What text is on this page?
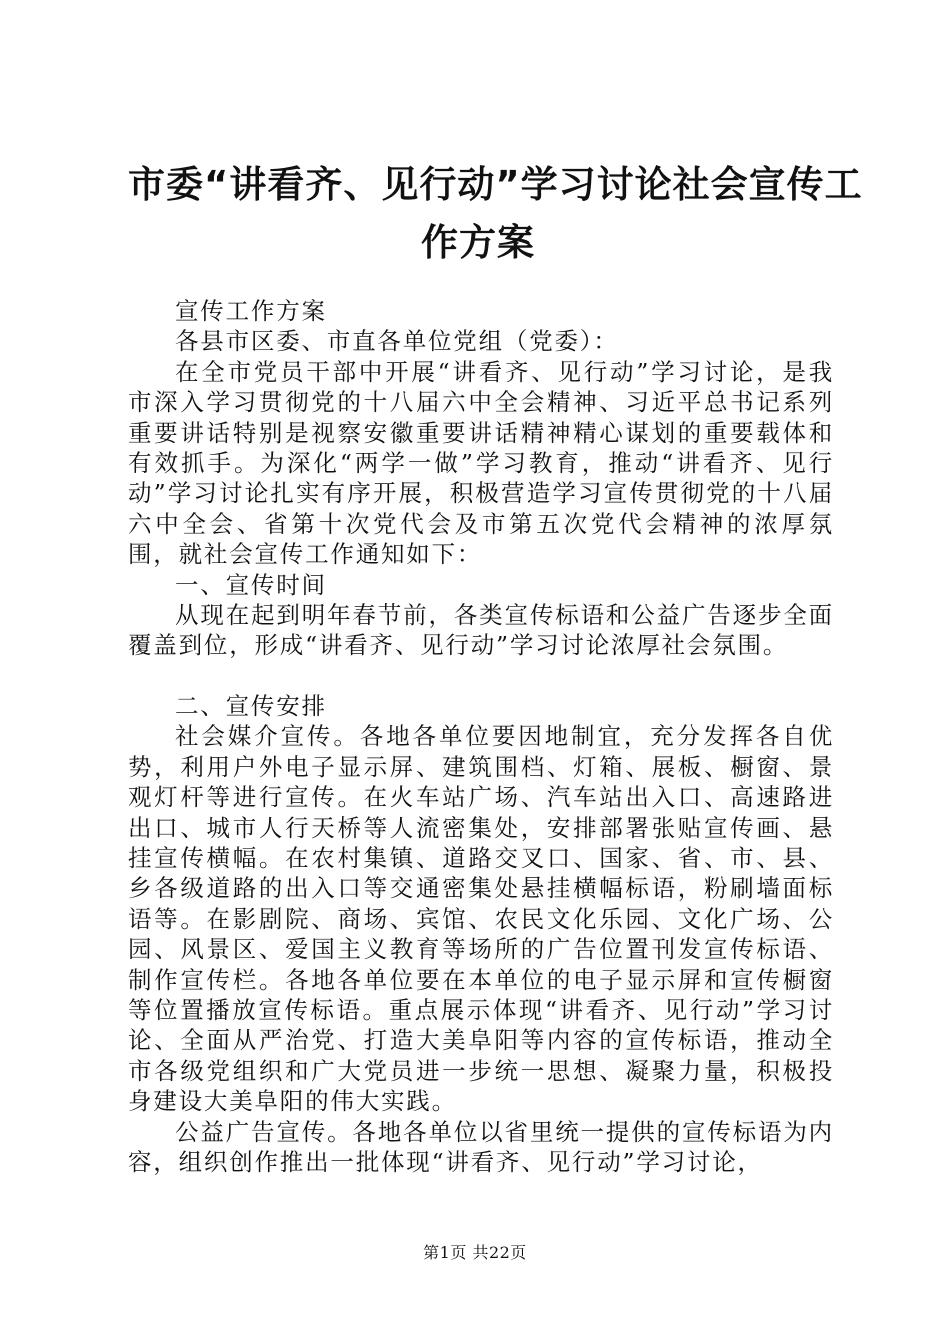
市委“讲看齐、见行动”学习讨论社会宣传工
作方案

宣传工作方案

各县市区委、市直各单位党组（党委）：

在全市党员干部中开展“讲看齐、见行动”学习讨论，是我市深入学习贯彻党的十八届六中全会精神、习近平总书记系列重要讲话特别是视察安徽重要讲话精神精心谋划的重要载体和有效抓手。为深化“两学一做”学习教育，推动“讲看齐、见行动”学习讨论扎实有序开展，积极营造学习宣传贯彻党的十八届六中全会、省第十次党代会及市第五次党代会精神的浓厚氛围，就社会宣传工作通知如下：

一、宣传时间

从现在起到明年春节前，各类宣传标语和公益广告逐步全面覆盖到位，形成“讲看齐、见行动”学习讨论浓厚社会氛围。

二、宣传安排

社会媒介宣传。各地各单位要因地制宜，充分发挥各自优势，利用户外电子显示屏、建筑围档、灯箱、展板、橱窗、景观灯杆等进行宣传。在火车站广场、汽车站出入口、高速路进出口、城市人行天桥等人流密集处，安排部署张贴宣传画、悬挂宣传横幅。在农村集镇、道路交叉口、国家、省、市、县、乡各级道路的出入口等交通密集处悬挂横幅标语，粉刷墙面标语等。在影剧院、商场、宾馆、农民文化乐园、文化广场、公园、风景区、爱国主义教育等场所的广告位置刊发宣传标语、制作宣传栏。各地各单位要在本单位的电子显示屏和宣传橱窗等位置播放宣传标语。重点展示体现“讲看齐、见行动”学习讨论、全面从严治党、打造大美阜阳等内容的宣传标语，推动全市各级党组织和广大党员进一步统一思想、凝聚力量，积极投身建设大美阜阳的伟大实践。

公益广告宣传。各地各单位以省里统一提供的宣传标语为内容，组织创作推出一批体现“讲看齐、见行动”学习讨论，

第1页 共22页
